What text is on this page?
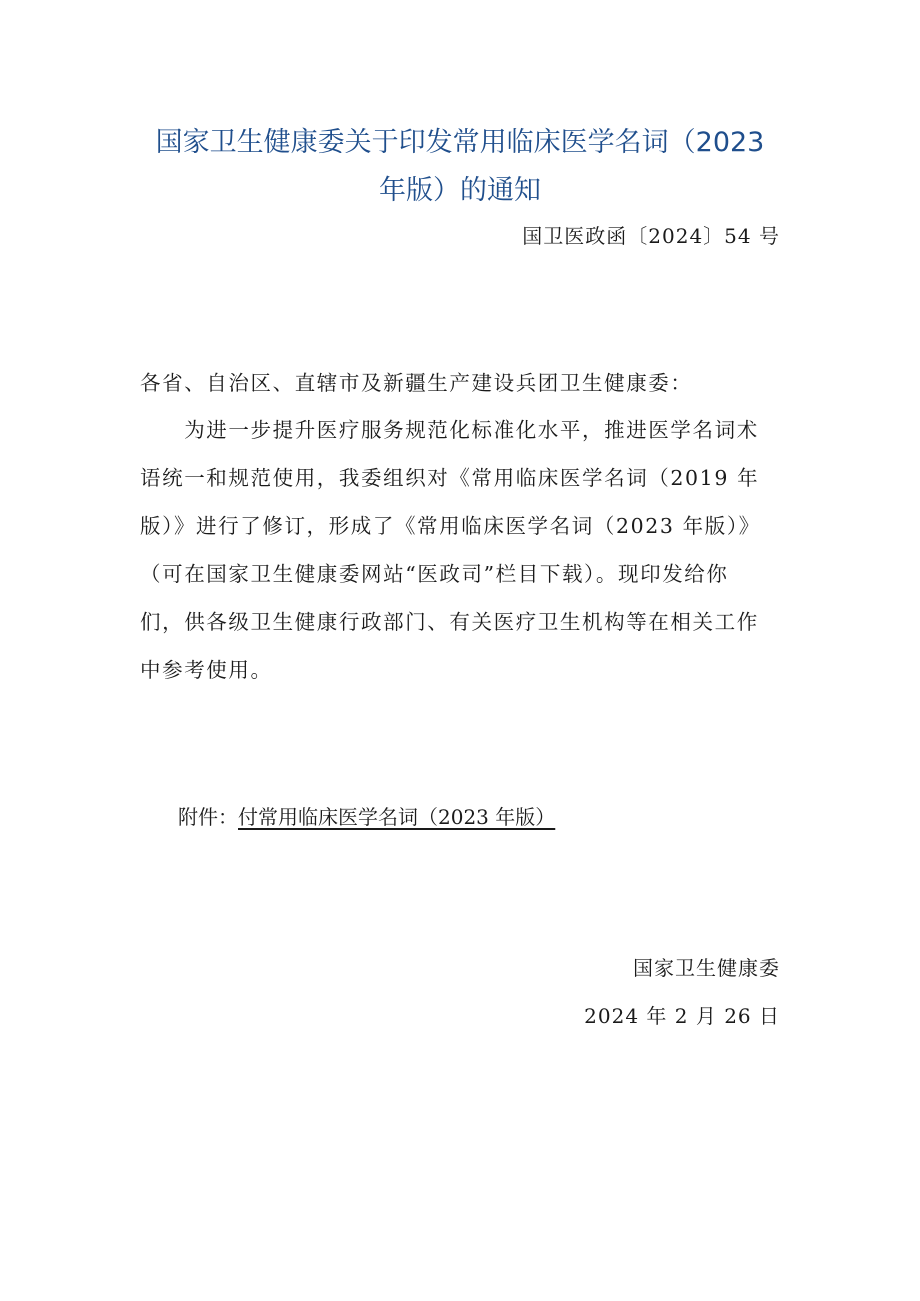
国家卫生健康委关于印发常用临床医学名词（2023
年版）的通知
国卫医政函〔2024〕54 号
各省、自治区、直辖市及新疆生产建设兵团卫生健康委：
　　为进一步提升医疗服务规范化标准化水平，推进医学名词术
语统一和规范使用，我委组织对《常用临床医学名词（2019 年
版）》进行了修订，形成了《常用临床医学名词（2023 年版）》
（可在国家卫生健康委网站“医政司”栏目下载）。现印发给你
们，供各级卫生健康行政部门、有关医疗卫生机构等在相关工作
中参考使用。
附件：付常用临床医学名词（2023 年版）
国家卫生健康委
2024 年 2 月 26 日
